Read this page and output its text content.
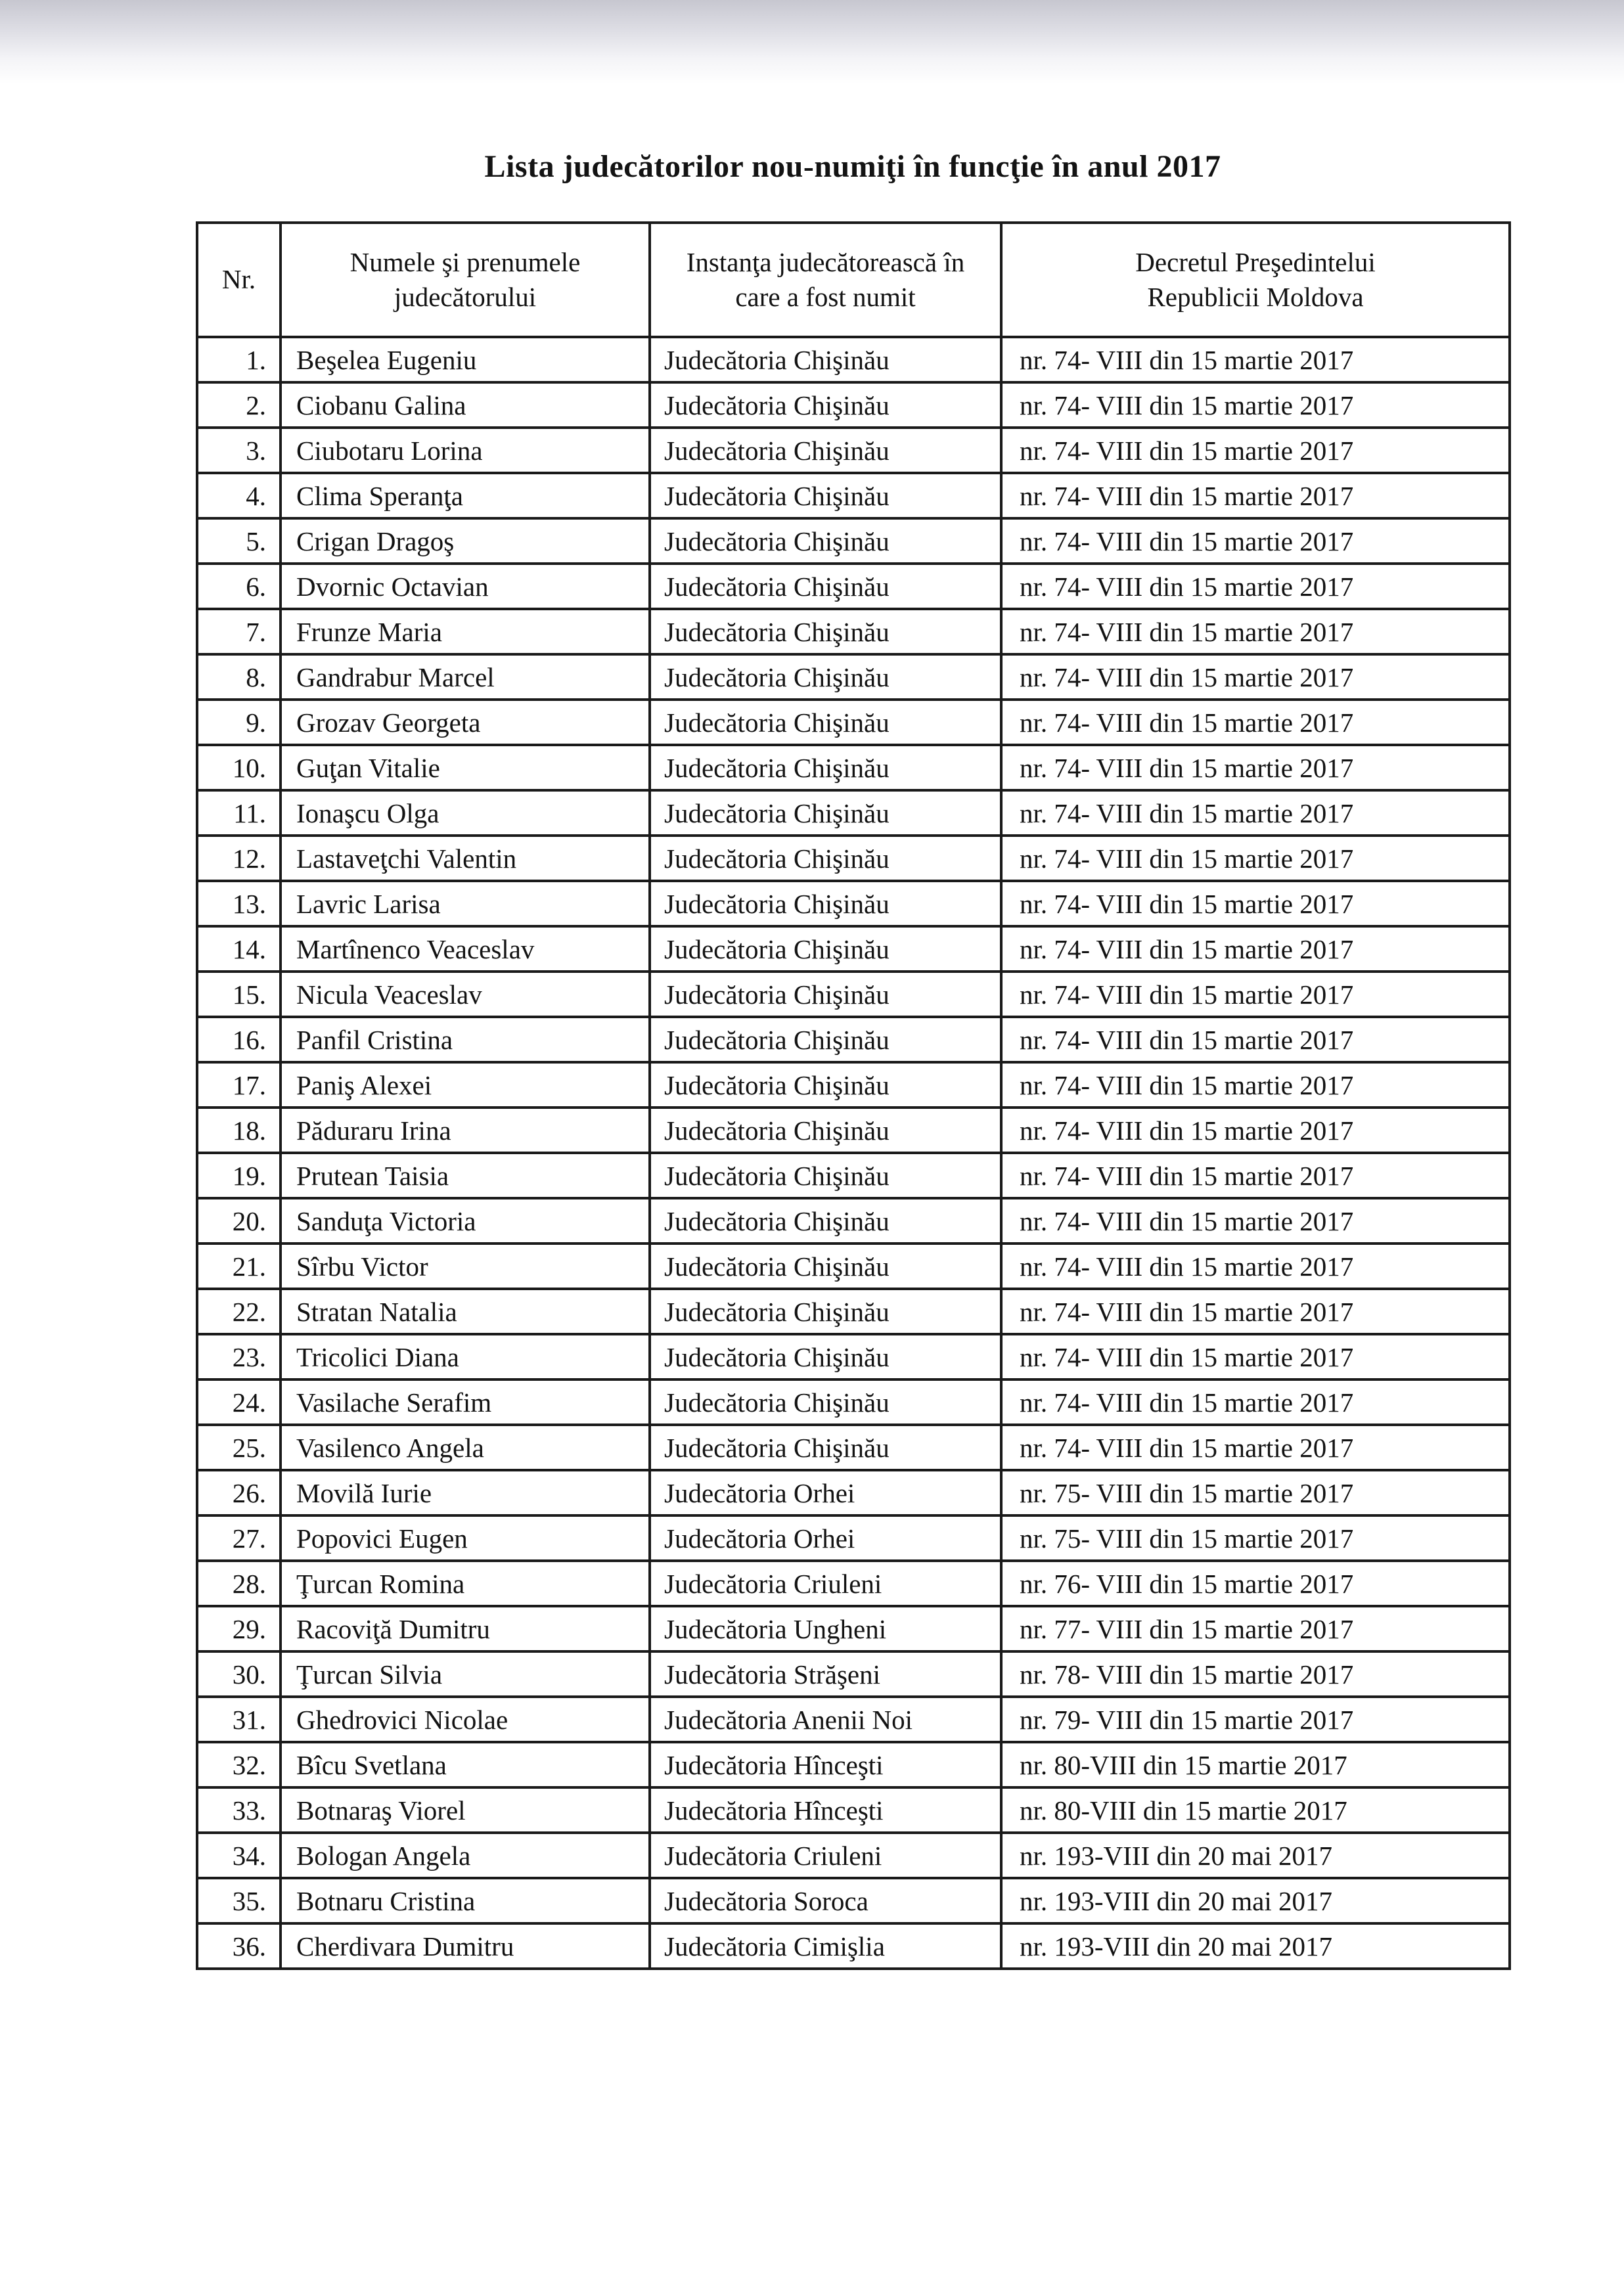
Lista judecătorilor nou-numiţi în funcţie în anul 2017
Nr.	Numele şi prenumele judecătorului	Instanţa judecătorească în care a fost numit	Decretul Preşedintelui Republicii Moldova
1.	Beşelea Eugeniu	Judecătoria Chişinău	nr. 74- VIII din 15 martie 2017
2.	Ciobanu Galina	Judecătoria Chişinău	nr. 74- VIII din 15 martie 2017
3.	Ciubotaru Lorina	Judecătoria Chişinău	nr. 74- VIII din 15 martie 2017
4.	Clima Speranţa	Judecătoria Chişinău	nr. 74- VIII din 15 martie 2017
5.	Crigan Dragoş	Judecătoria Chişinău	nr. 74- VIII din 15 martie 2017
6.	Dvornic Octavian	Judecătoria Chişinău	nr. 74- VIII din 15 martie 2017
7.	Frunze Maria	Judecătoria Chişinău	nr. 74- VIII din 15 martie 2017
8.	Gandrabur Marcel	Judecătoria Chişinău	nr. 74- VIII din 15 martie 2017
9.	Grozav Georgeta	Judecătoria Chişinău	nr. 74- VIII din 15 martie 2017
10.	Guţan Vitalie	Judecătoria Chişinău	nr. 74- VIII din 15 martie 2017
11.	Ionaşcu Olga	Judecătoria Chişinău	nr. 74- VIII din 15 martie 2017
12.	Lastaveţchi Valentin	Judecătoria Chişinău	nr. 74- VIII din 15 martie 2017
13.	Lavric Larisa	Judecătoria Chişinău	nr. 74- VIII din 15 martie 2017
14.	Martînenco Veaceslav	Judecătoria Chişinău	nr. 74- VIII din 15 martie 2017
15.	Nicula Veaceslav	Judecătoria Chişinău	nr. 74- VIII din 15 martie 2017
16.	Panfil Cristina	Judecătoria Chişinău	nr. 74- VIII din 15 martie 2017
17.	Paniş Alexei	Judecătoria Chişinău	nr. 74- VIII din 15 martie 2017
18.	Păduraru Irina	Judecătoria Chişinău	nr. 74- VIII din 15 martie 2017
19.	Prutean Taisia	Judecătoria Chişinău	nr. 74- VIII din 15 martie 2017
20.	Sanduţa Victoria	Judecătoria Chişinău	nr. 74- VIII din 15 martie 2017
21.	Sîrbu Victor	Judecătoria Chişinău	nr. 74- VIII din 15 martie 2017
22.	Stratan Natalia	Judecătoria Chişinău	nr. 74- VIII din 15 martie 2017
23.	Tricolici Diana	Judecătoria Chişinău	nr. 74- VIII din 15 martie 2017
24.	Vasilache Serafim	Judecătoria Chişinău	nr. 74- VIII din 15 martie 2017
25.	Vasilenco Angela	Judecătoria Chişinău	nr. 74- VIII din 15 martie 2017
26.	Movilă Iurie	Judecătoria Orhei	nr. 75- VIII din 15 martie 2017
27.	Popovici Eugen	Judecătoria Orhei	nr. 75- VIII din 15 martie 2017
28.	Ţurcan Romina	Judecătoria Criuleni	nr. 76- VIII din 15 martie 2017
29.	Racoviţă Dumitru	Judecătoria Ungheni	nr. 77- VIII din 15 martie 2017
30.	Ţurcan Silvia	Judecătoria Străşeni	nr. 78- VIII din 15 martie 2017
31.	Ghedrovici Nicolae	Judecătoria Anenii Noi	nr. 79- VIII din 15 martie 2017
32.	Bîcu Svetlana	Judecătoria Hînceşti	nr. 80-VIII din 15 martie 2017
33.	Botnaraş Viorel	Judecătoria Hînceşti	nr. 80-VIII din 15 martie 2017
34.	Bologan Angela	Judecătoria Criuleni	nr. 193-VIII din 20 mai 2017
35.	Botnaru Cristina	Judecătoria Soroca	nr. 193-VIII din 20 mai 2017
36.	Cherdivara Dumitru	Judecătoria Cimişlia	nr. 193-VIII din 20 mai 2017
